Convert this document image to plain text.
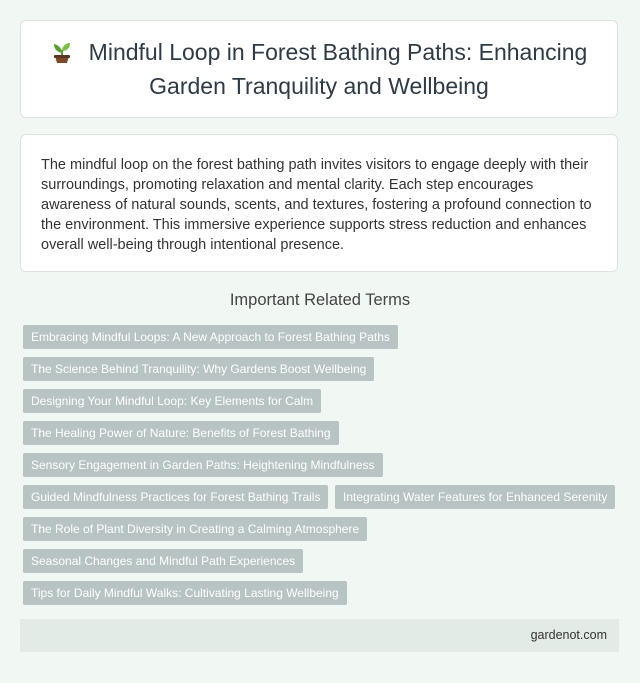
Mindful Loop in Forest Bathing Paths: Enhancing Garden Tranquility and Wellbeing

The mindful loop on the forest bathing path invites visitors to engage deeply with their surroundings, promoting relaxation and mental clarity. Each step encourages awareness of natural sounds, scents, and textures, fostering a profound connection to the environment. This immersive experience supports stress reduction and enhances overall well-being through intentional presence.

Important Related Terms
Embracing Mindful Loops: A New Approach to Forest Bathing Paths
The Science Behind Tranquility: Why Gardens Boost Wellbeing
Designing Your Mindful Loop: Key Elements for Calm
The Healing Power of Nature: Benefits of Forest Bathing
Sensory Engagement in Garden Paths: Heightening Mindfulness
Guided Mindfulness Practices for Forest Bathing Trails	Integrating Water Features for Enhanced Serenity
The Role of Plant Diversity in Creating a Calming Atmosphere
Seasonal Changes and Mindful Path Experiences
Tips for Daily Mindful Walks: Cultivating Lasting Wellbeing
gardenot.com
